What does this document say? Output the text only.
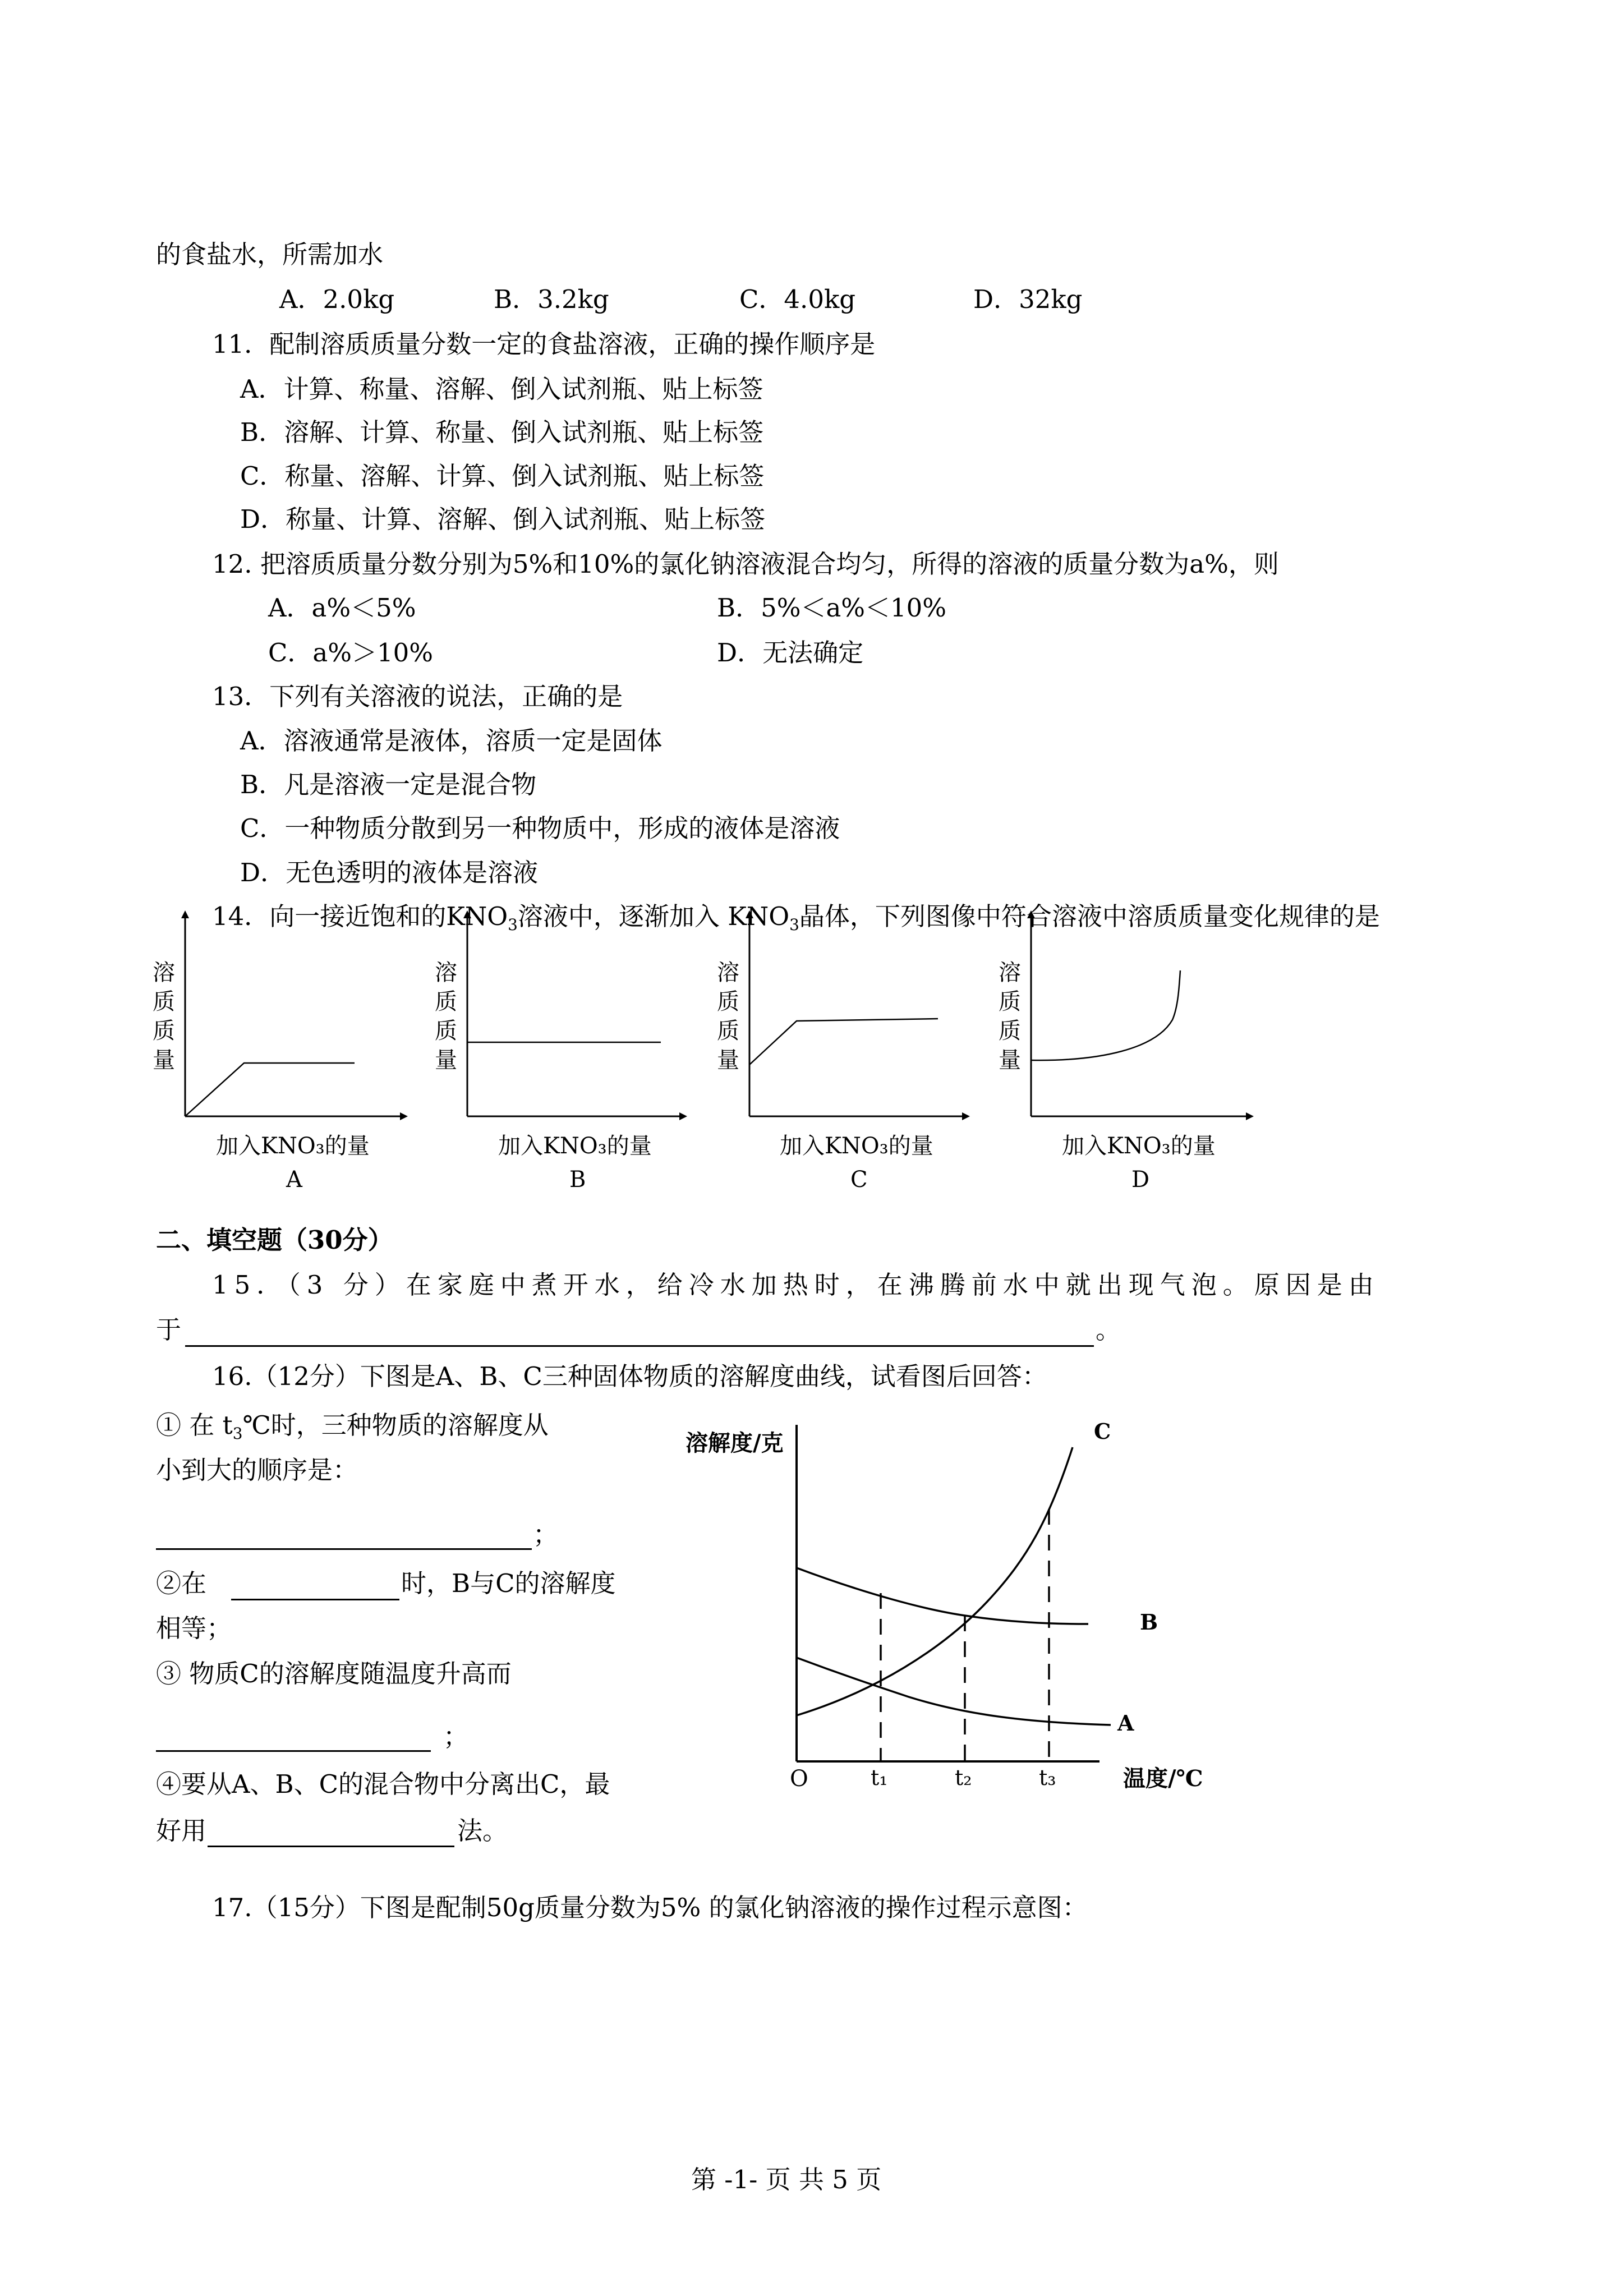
的食盐水，所需加水
A．2.0kg	B．3.2kg	C．4.0kg	D．32kg
11．配制溶质质量分数一定的食盐溶液，正确的操作顺序是
A．计算、称量、溶解、倒入试剂瓶、贴上标签
B．溶解、计算、称量、倒入试剂瓶、贴上标签
C．称量、溶解、计算、倒入试剂瓶、贴上标签
D．称量、计算、溶解、倒入试剂瓶、贴上标签
12. 把溶质质量分数分别为5%和10%的氯化钠溶液混合均匀，所得的溶液的质量分数为a%，则
A．a%＜5%	B．5%＜a%＜10%
C．a%＞10%	D．无法确定
13．下列有关溶液的说法，正确的是
A．溶液通常是液体，溶质一定是固体
B．凡是溶液一定是混合物
C．一种物质分散到另一种物质中，形成的液体是溶液
D．无色透明的液体是溶液
14．向一接近饱和的KNO3溶液中，逐渐加入 KNO3晶体，下列图像中符合溶液中溶质质量变化规律的是
溶
质
质
量
溶
质
质
量
溶
质
质
量
溶
质
质
量
加入KNO₃的量
A
加入KNO₃的量
B
加入KNO₃的量
C
加入KNO₃的量
D
二、填空题（30分）
15．（3 分）在家庭中煮开水，给冷水加热时，在沸腾前水中就出现气泡。原因是由
于	。
16.（12分）下图是A、B、C三种固体物质的溶解度曲线，试看图后回答：
① 在 t3℃时，三种物质的溶解度从
小到大的顺序是：
；
②在	时，B与C的溶解度
相等；
③ 物质C的溶解度随温度升高而
；
④要从A、B、C的混合物中分离出C，最
好用	法。
溶解度/克
O	温度/℃
t₁	t₂	t₃
A
B
C
17.（15分）下图是配制50g质量分数为5% 的氯化钠溶液的操作过程示意图：
第 -1- 页 共 5 页
